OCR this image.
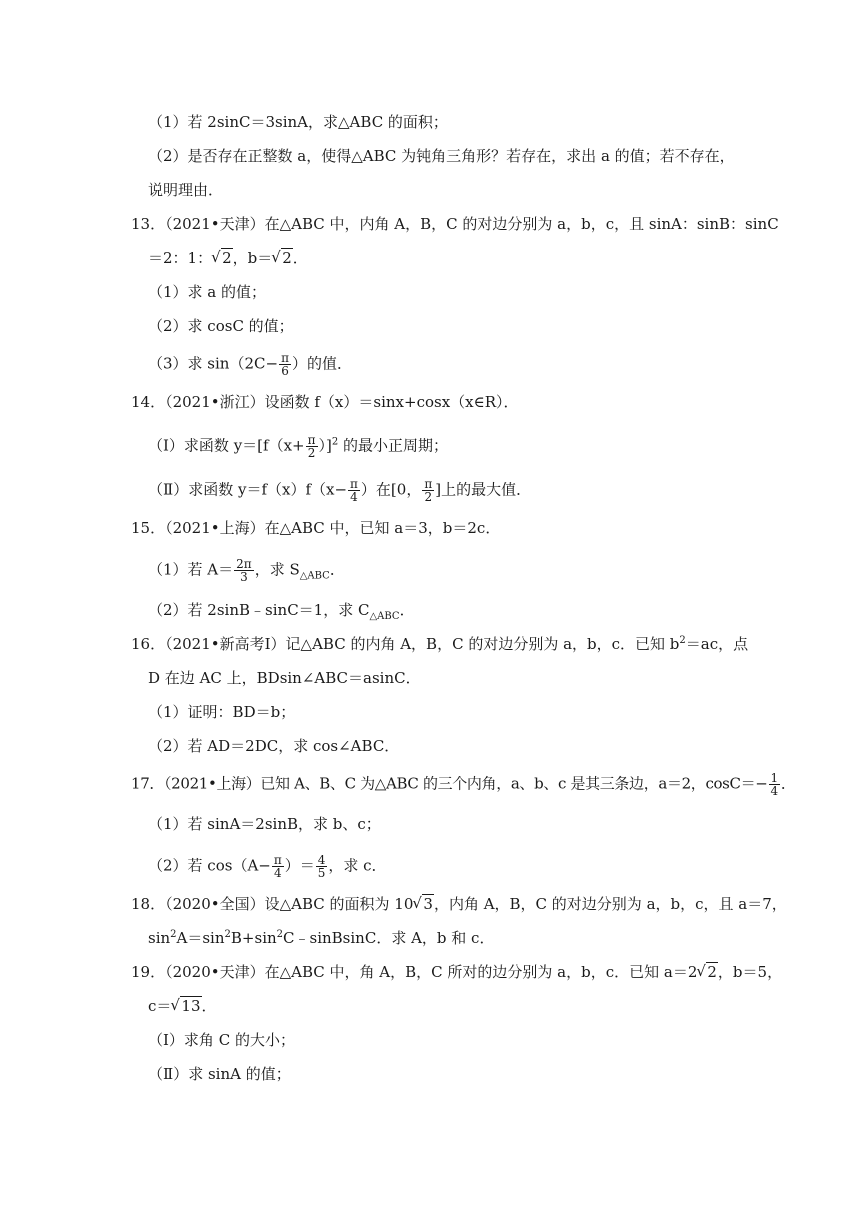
（1）若 2sinC＝3sinA，求△ABC 的面积；
（2）是否存在正整数 a，使得△ABC 为钝角三角形？若存在，求出 a 的值；若不存在，
说明理由．
13．（2021•天津）在△ABC 中，内角 A，B，C 的对边分别为 a，b，c，且 sinA：sinB：sinC
＝2：1： √ 2，b＝ √ 2．
（1）求 a 的值；
（2）求 cosC 的值；
（3）求 $\sin(2C- \frac{\pi}{6}$ ）的值．
14．（2021•浙江）设函数 f（x）＝sinx+cosx（x∈R）．
（Ⅰ）求函数 $y=[f(x+ \frac{\pi}{2} )]^2$ 的最小正周期；
（Ⅱ）求函数 $y=f(x)f(x- \frac{\pi}{4}$ ）在[0， $\frac{\pi}{2}$ ]上的最大值．
15．（2021•上海）在△ABC 中，已知 a＝3，b＝2c．
（1）若 $A= \frac{2\pi}{3}$ ，求 $S_{\triangle ABC}$．
（2）若 2sinB﹣sinC＝1，求 $C_{\triangle ABC}$．
16．（2021•新高考Ⅰ）记△ABC 的内角 A，B，C 的对边分别为 a，b，c．已知 $b^2=ac$，点
D 在边 AC 上，BDsin∠ABC＝asinC．
（1）证明：BD＝b；
（2）若 AD＝2DC，求 cos∠ABC．
17．（2021•上海）已知 A、B、C 为△ABC 的三个内角，a、b、c 是其三条边，a＝2，$\cos C=- \frac{1}{4}$ ．
（1）若 sinA＝2sinB，求 b、c；
（2）若 $\cos(A- \frac{\pi}{4}$ ）＝ $\frac{4}{5}$ ，求 c．
18．（2020•全国）设△ABC 的面积为 10 √ 3，内角 A，B，C 的对边分别为 a，b，c，且 a＝7，
$\sin^2A=\sin^2B+\sin^2C﹣sinBsinC$．求 A，b 和 c．
19．（2020•天津）在△ABC 中，角 A，B，C 所对的边分别为 a，b，c．已知 a＝2 √ 2，b＝5，
c＝ √ 13．
（Ⅰ）求角 C 的大小；
（Ⅱ）求 sinA 的值；
